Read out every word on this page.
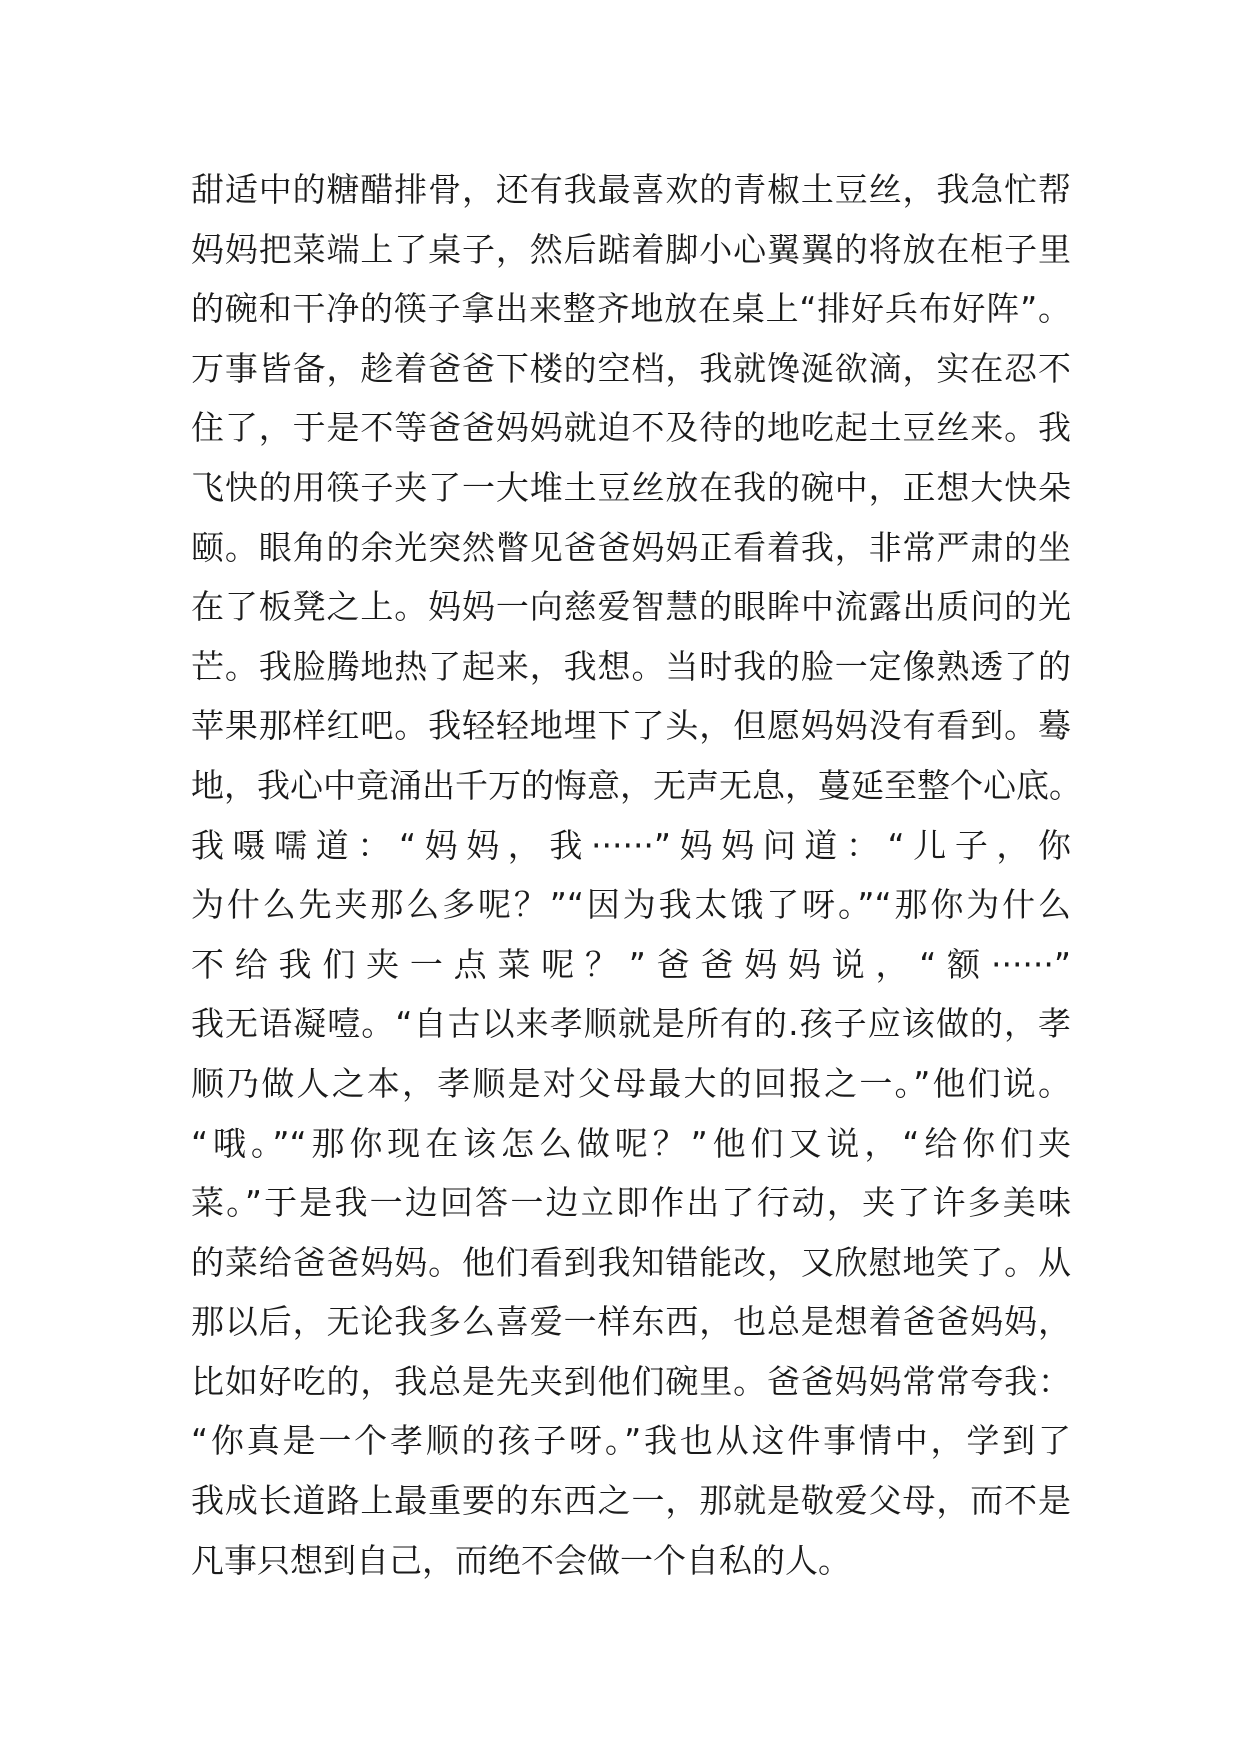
甜适中的糖醋排骨，还有我最喜欢的青椒土豆丝，我急忙帮
妈妈把菜端上了桌子，然后踮着脚小心翼翼的将放在柜子里
的碗和干净的筷子拿出来整齐地放在桌上“排好兵布好阵”。
万事皆备，趁着爸爸下楼的空档，我就馋涎欲滴，实在忍不
住了，于是不等爸爸妈妈就迫不及待的地吃起土豆丝来。我
飞快的用筷子夹了一大堆土豆丝放在我的碗中，正想大快朵
颐。眼角的余光突然瞥见爸爸妈妈正看着我，非常严肃的坐
在了板凳之上。妈妈一向慈爱智慧的眼眸中流露出质问的光
芒。我脸腾地热了起来，我想。当时我的脸一定像熟透了的
苹果那样红吧。我轻轻地埋下了头，但愿妈妈没有看到。蓦
地，我心中竟涌出千万的悔意，无声无息，蔓延至整个心底。
我嗫嚅道：“妈妈，我······”妈妈问道：“儿子，你
为什么先夹那么多呢？”“因为我太饿了呀。”“那你为什么
不给我们夹一点菜呢？”爸爸妈妈说，“额······”
我无语凝噎。“自古以来孝顺就是所有的.孩子应该做的，孝
顺乃做人之本，孝顺是对父母最大的回报之一。”他们说。
“哦。”“那你现在该怎么做呢？”他们又说，“给你们夹
菜。”于是我一边回答一边立即作出了行动，夹了许多美味
的菜给爸爸妈妈。他们看到我知错能改，又欣慰地笑了。从
那以后，无论我多么喜爱一样东西，也总是想着爸爸妈妈，
比如好吃的，我总是先夹到他们碗里。爸爸妈妈常常夸我：
“你真是一个孝顺的孩子呀。”我也从这件事情中，学到了
我成长道路上最重要的东西之一，那就是敬爱父母，而不是
凡事只想到自己，而绝不会做一个自私的人。
